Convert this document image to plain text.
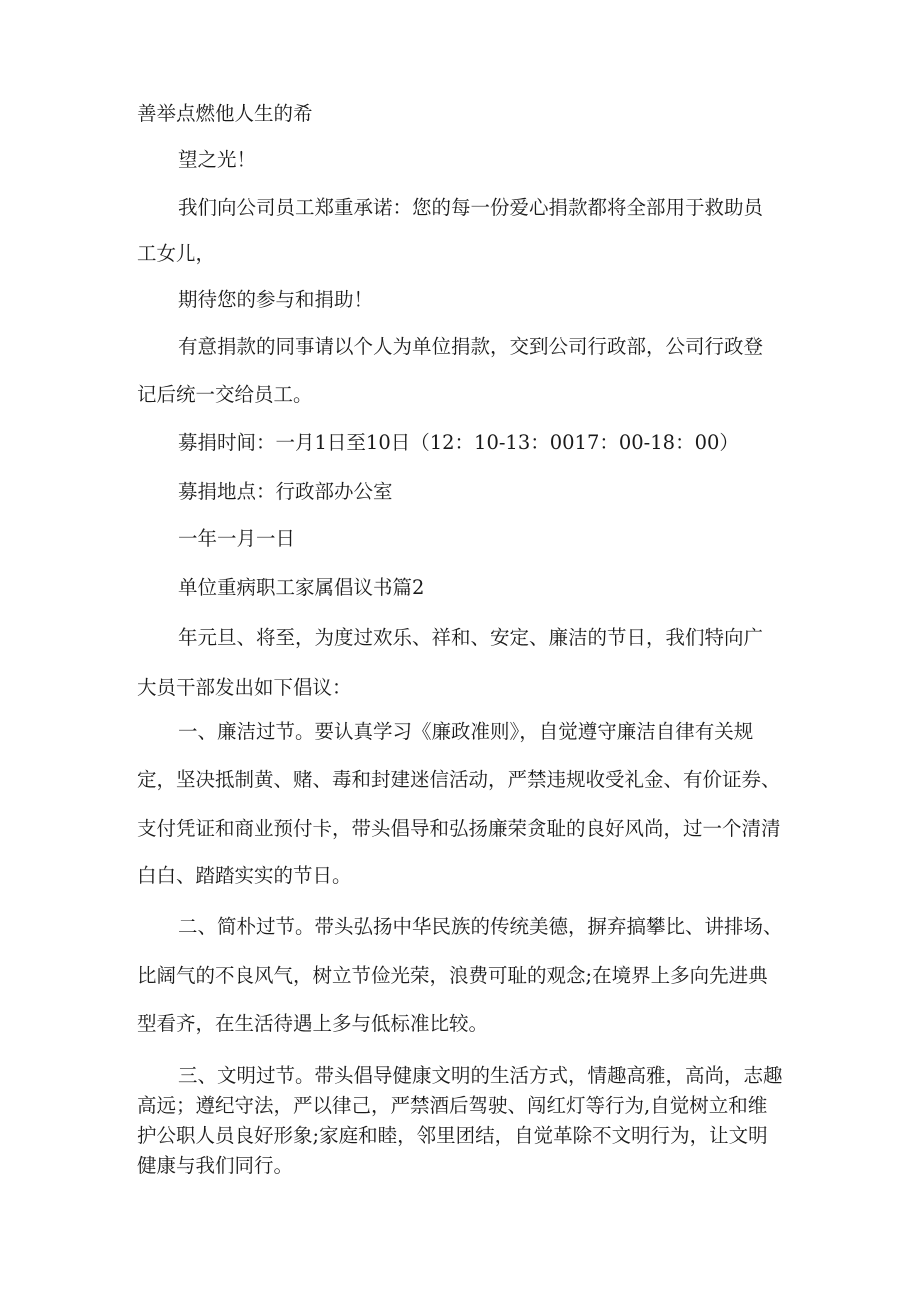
善举点燃他人生的希

望之光！

我们向公司员工郑重承诺：您的每一份爱心捐款都将全部用于救助员

工女儿，

期待您的参与和捐助！

有意捐款的同事请以个人为单位捐款，交到公司行政部，公司行政登

记后统一交给员工。

募捐时间：一月1日至10日（12：10-13：0017：00-18：00）

募捐地点：行政部办公室

一年一月一日

单位重病职工家属倡议书篇2

年元旦、将至，为度过欢乐、祥和、安定、廉洁的节日，我们特向广

大员干部发出如下倡议：

一、廉洁过节。要认真学习《廉政准则》，自觉遵守廉洁自律有关规

定，坚决抵制黄、赌、毒和封建迷信活动，严禁违规收受礼金、有价证券、

支付凭证和商业预付卡，带头倡导和弘扬廉荣贪耻的良好风尚，过一个清清

白白、踏踏实实的节日。

二、简朴过节。带头弘扬中华民族的传统美德，摒弃搞攀比、讲排场、

比阔气的不良风气，树立节俭光荣，浪费可耻的观念;在境界上多向先进典

型看齐，在生活待遇上多与低标准比较。

三、文明过节。带头倡导健康文明的生活方式，情趣高雅，高尚，志趣

高远；遵纪守法，严以律己，严禁酒后驾驶、闯红灯等行为,自觉树立和维

护公职人员良好形象;家庭和睦，邻里团结，自觉革除不文明行为，让文明

健康与我们同行。
